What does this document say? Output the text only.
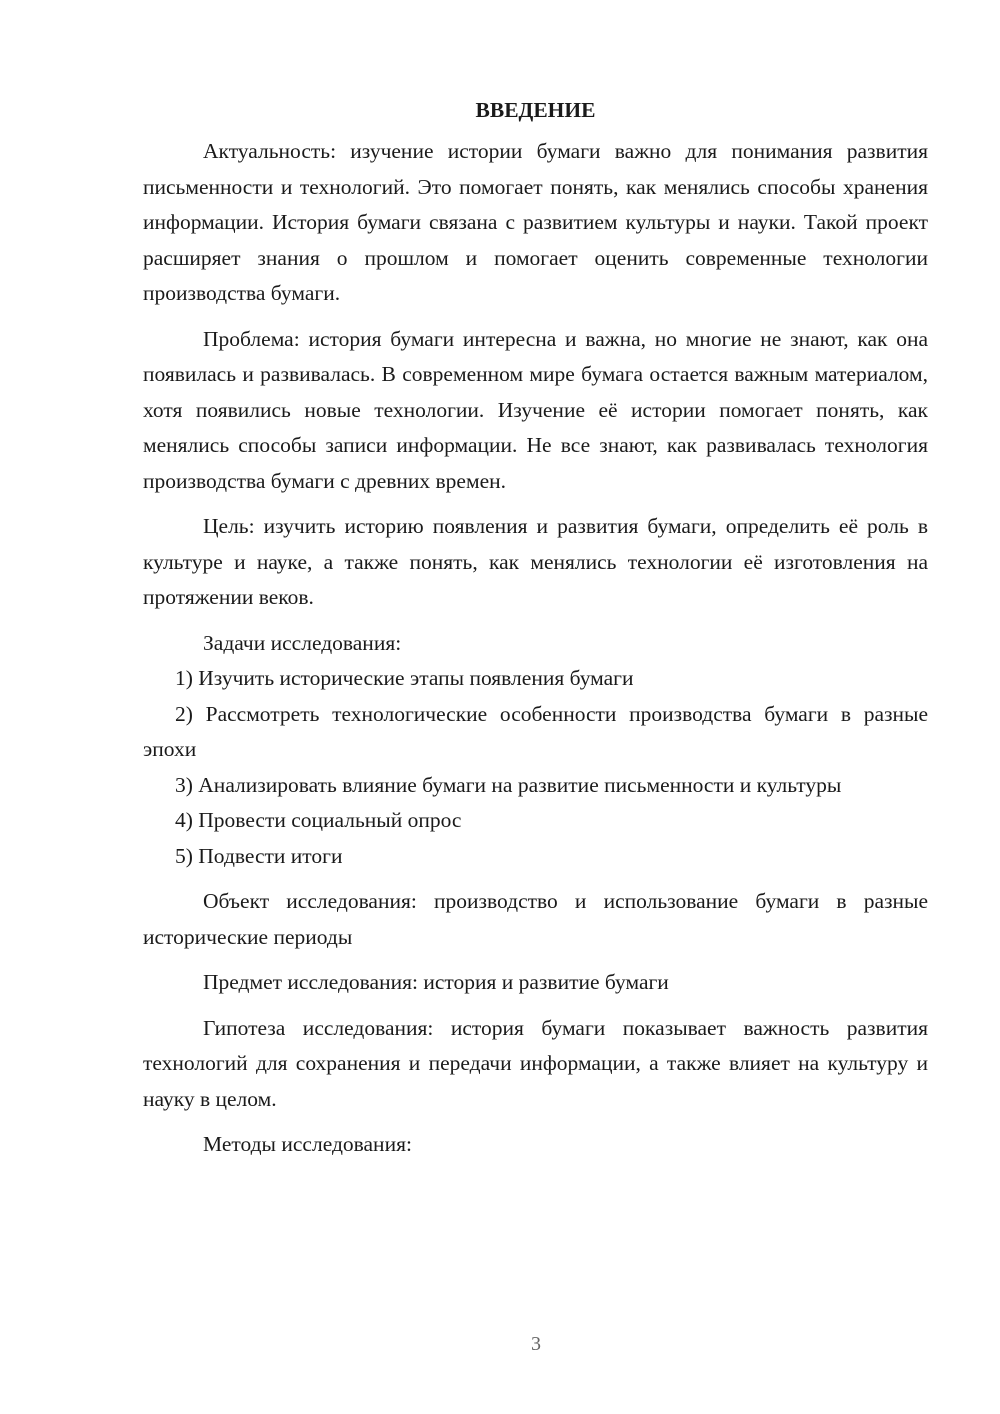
ВВЕДЕНИЕ

Актуальность: изучение истории бумаги важно для понимания развития письменности и технологий. Это помогает понять, как менялись способы хранения информации. История бумаги связана с развитием культуры и науки. Такой проект расширяет знания о прошлом и помогает оценить современные технологии производства бумаги.

Проблема: история бумаги интересна и важна, но многие не знают, как она появилась и развивалась. В современном мире бумага остается важным материалом, хотя появились новые технологии. Изучение её истории помогает понять, как менялись способы записи информации. Не все знают, как развивалась технология производства бумаги с древних времен.

Цель: изучить историю появления и развития бумаги, определить её роль в культуре и науке, а также понять, как менялись технологии её изготовления на протяжении веков.

Задачи исследования:

1) Изучить исторические этапы появления бумаги

2) Рассмотреть технологические особенности производства бумаги в разные эпохи

3) Анализировать влияние бумаги на развитие письменности и культуры

4) Провести социальный опрос

5) Подвести итоги

Объект исследования: производство и использование бумаги в разные исторические периоды

Предмет исследования: история и развитие бумаги

Гипотеза исследования: история бумаги показывает важность развития технологий для сохранения и передачи информации, а также влияет на культуру и науку в целом.

Методы исследования:

3
